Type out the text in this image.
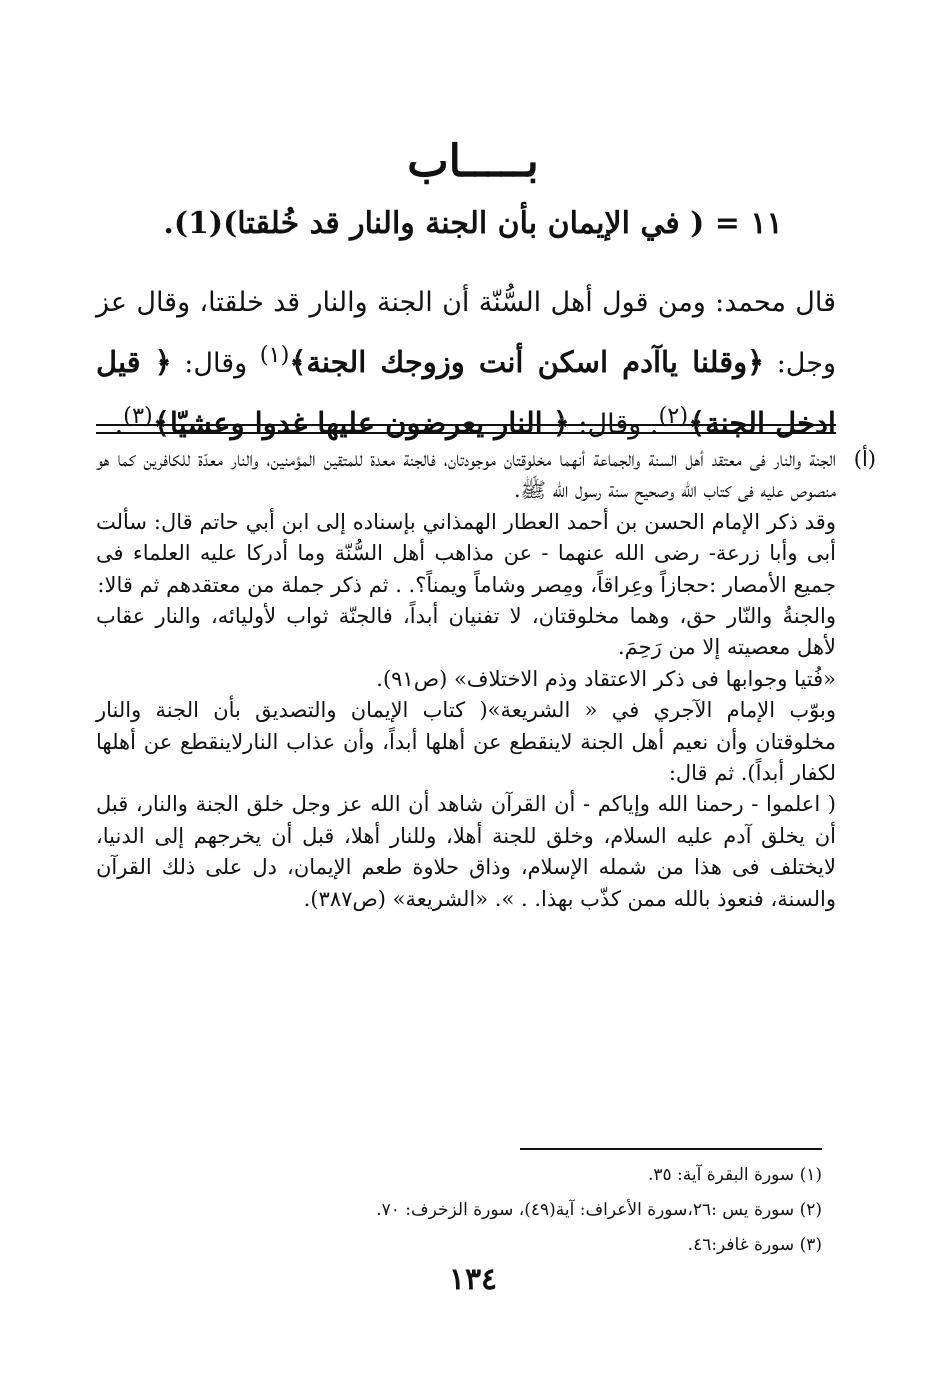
بـــــاب
١١ = ( في الإيمان بأن الجنة والنار قد خُلقتا)(1).
قال محمد: ومن قول أهل السُّنّة أن الجنة والنار قد خلقتا، وقال عز وجل: ﴿وقلنا ياآدم اسكن أنت وزوجك الجنة﴾$^{(١)}$ وقال: ﴿ قيل ادخل الجنة﴾$^{(٢)}$. وقال: ﴿ النار يعرضون عليها غدوا وعشيّا﴾$^{(٣)}$.
(أ)

الجنة والنار فى معتقد أهل السنة والجماعة أنهما مخلوقتان موجودتان، فالجنة معدة للمتقين المؤمنين، والنار معدّة للكافرين كما هو منصوص عليه فى كتاب الله وصحيح سنة رسول الله ﷺ.

وقد ذكر الإمام الحسن بن أحمد العطار الهمذاني بإسناده إلى ابن أبي حاتم قال: سألت أبى وأبا زرعة- رضى الله عنهما - عن مذاهب أهل السُّنّة وما أدركا عليه العلماء فى جميع الأمصار :حجازاً وعِراقاً، ومِصر وشاماً ويمناً؟. . ثم ذكر جملة من معتقدهم ثم قالا:

والجنةُ والنّار حق، وهما مخلوقتان، لا تفنيان أبداً، فالجنّة ثواب لأوليائه، والنار عقاب لأهل معصيته إلا من رَحِمَ.

«فُتيا وجوابها فى ذكر الاعتقاد وذم الاختلاف» (ص٩١).

وبوّب الإمام الآجري في « الشريعة»( كتاب الإيمان والتصديق بأن الجنة والنار مخلوقتان وأن نعيم أهل الجنة لاينقطع عن أهلها أبداً، وأن عذاب النارلاينقطع عن أهلها لكفار أبداً). ثم قال:

( اعلموا - رحمنا الله وإياكم - أن القرآن شاهد أن الله عز وجل خلق الجنة والنار، قبل أن يخلق آدم عليه السلام، وخلق للجنة أهلا، وللنار أهلا، قبل أن يخرجهم إلى الدنيا، لايختلف فى هذا من شمله الإسلام، وذاق حلاوة طعم الإيمان، دل على ذلك القرآن والسنة، فنعوذ بالله ممن كذّب بهذا. . ». «الشريعة» (ص٣٨٧).

(١) سورة البقرة آية: ٣٥.
(٢) سورة يس :٢٦،سورة الأعراف: آية(٤٩)، سورة الزخرف: ٧٠.
(٣) سورة غافر:٤٦.
١٣٤
